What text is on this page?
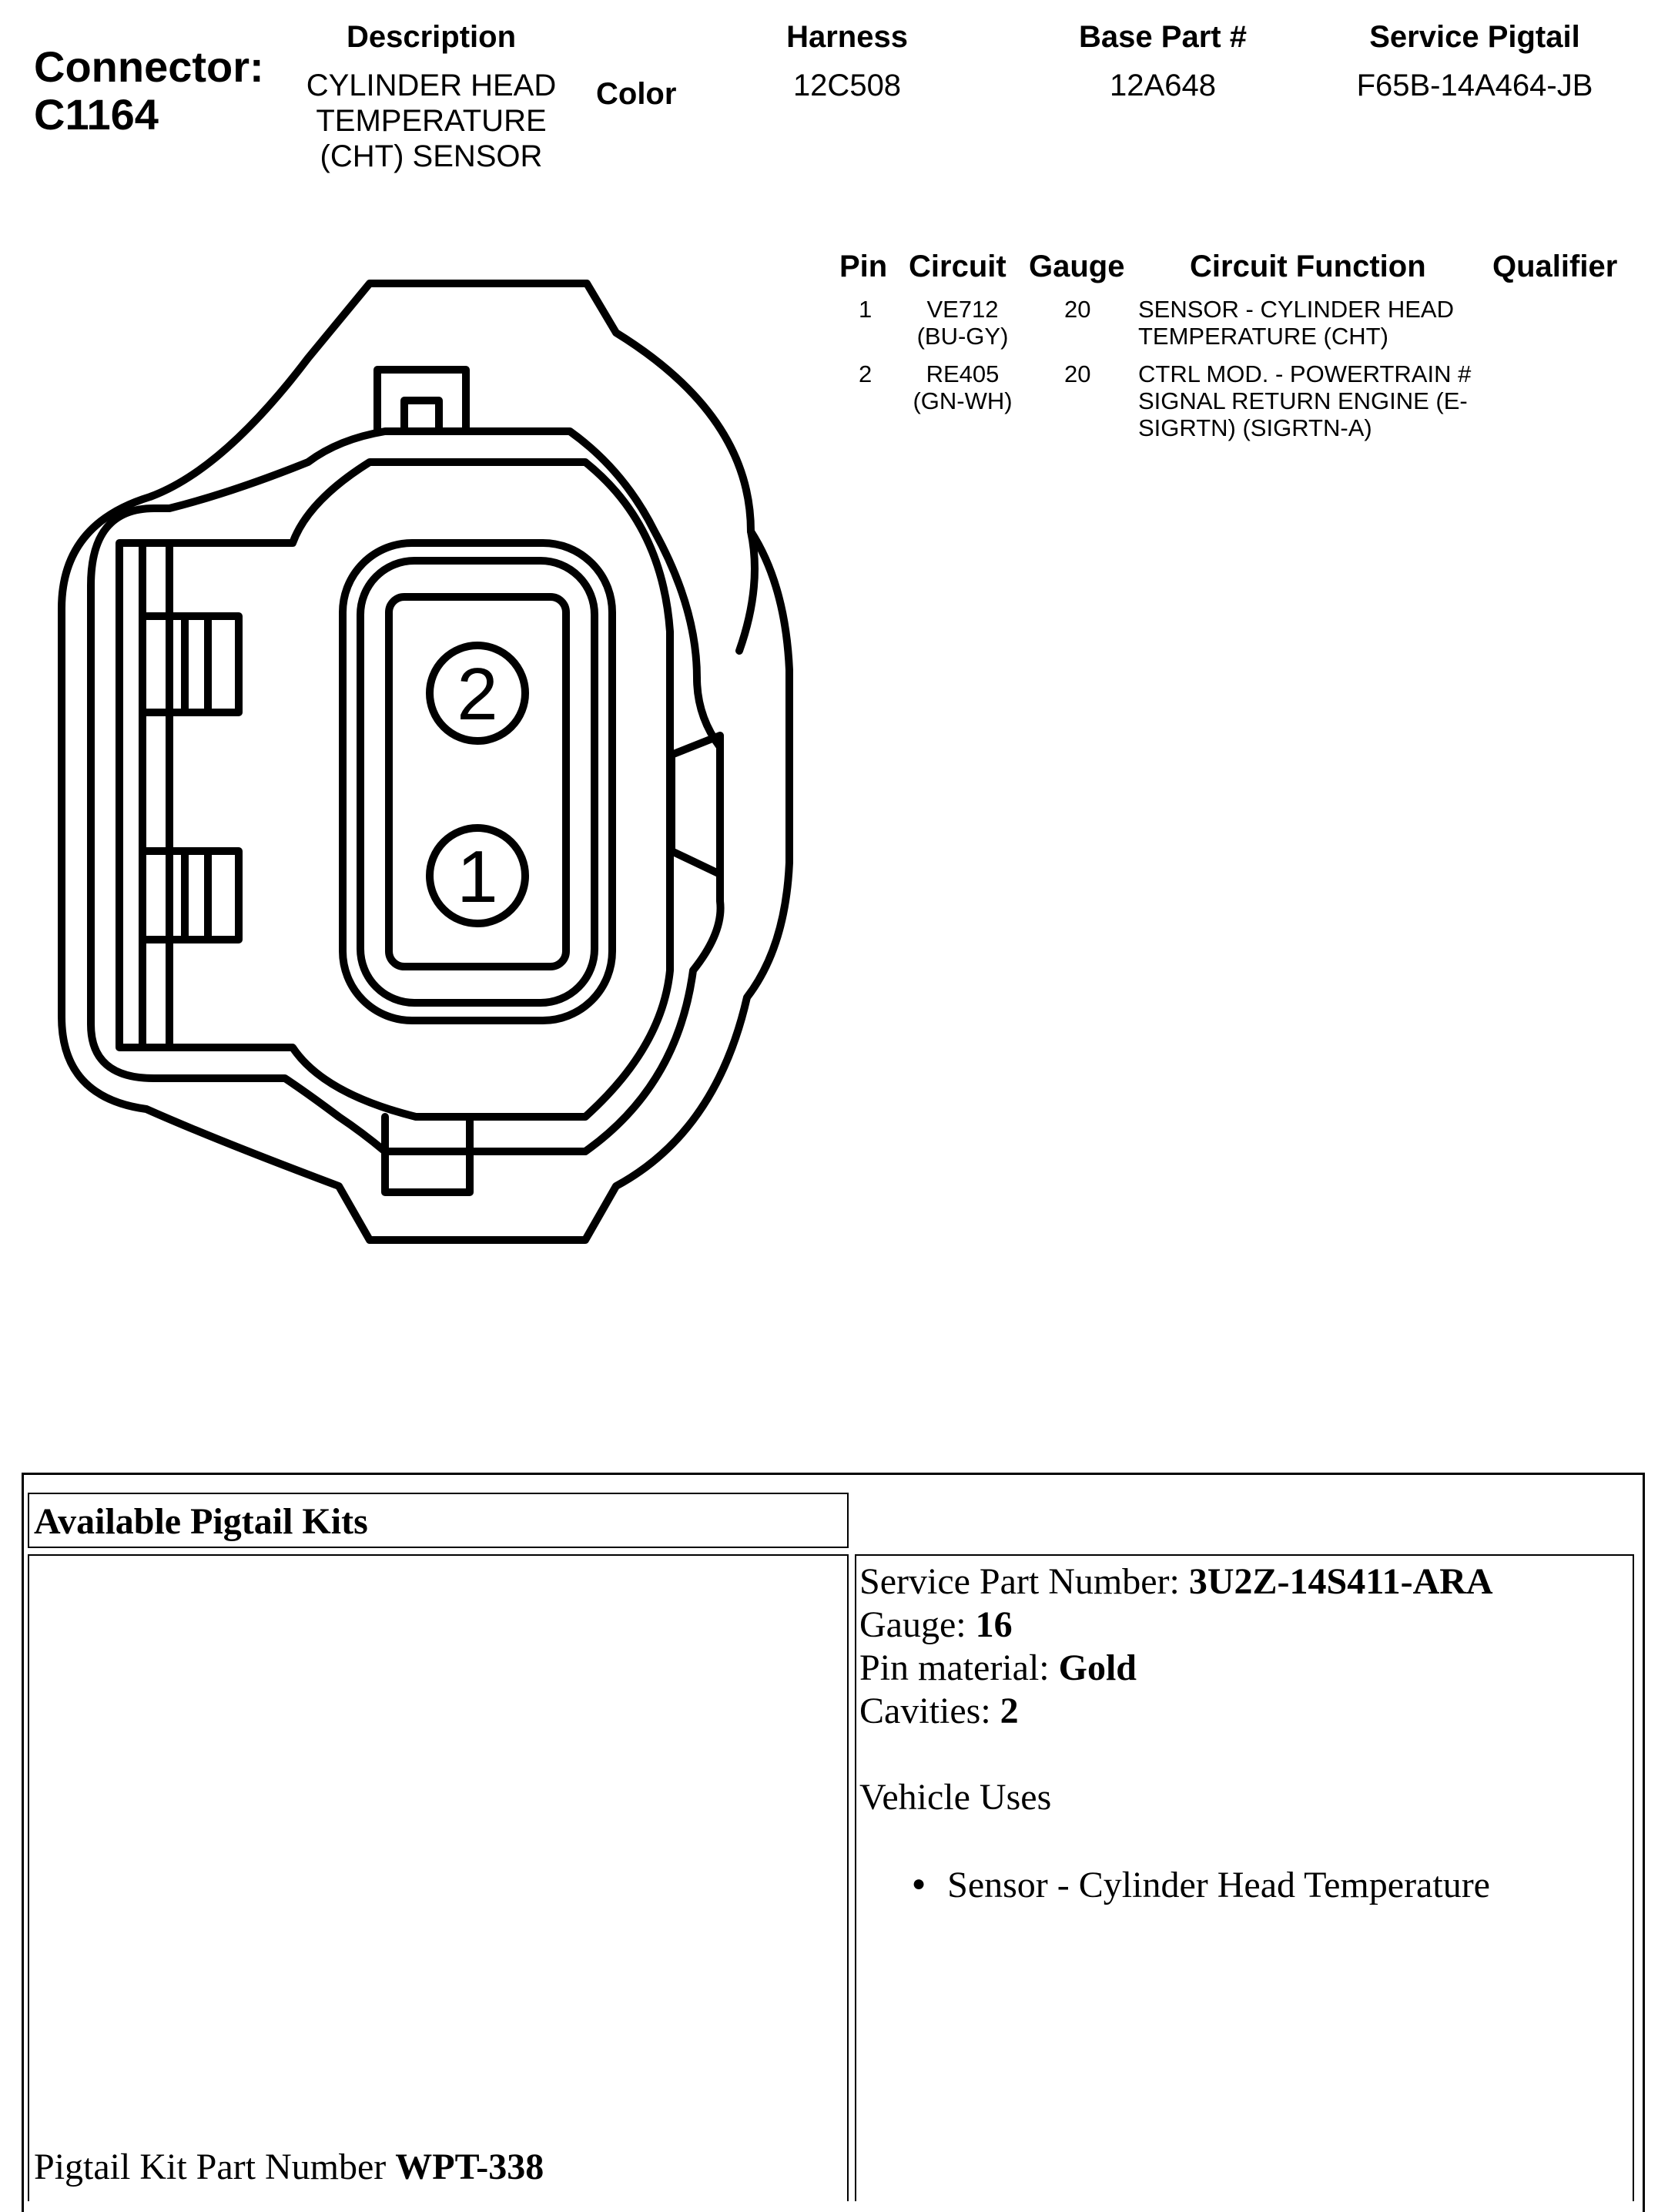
Connector:
C1164
Description
CYLINDER HEAD
TEMPERATURE
(CHT) SENSOR
Color
Harness
12C508
Base Part #
12A648
Service Pigtail
F65B-14A464-JB
2
1
Pin Circuit Gauge Circuit Function Qualifier
1	VE712
(BU-GY)
20 SENSOR - CYLINDER HEAD
TEMPERATURE (CHT)
2	RE405
(GN-WH)
20 CTRL MOD. - POWERTRAIN #
SIGNAL RETURN ENGINE (E-
SIGRTN) (SIGRTN-A)
Available Pigtail Kits
Pigtail Kit Part Number WPT-338
Service Part Number: 3U2Z-14S411-ARA
Gauge: 16
Pin material: Gold
Cavities: 2
Vehicle Uses
● Sensor - Cylinder Head Temperature
